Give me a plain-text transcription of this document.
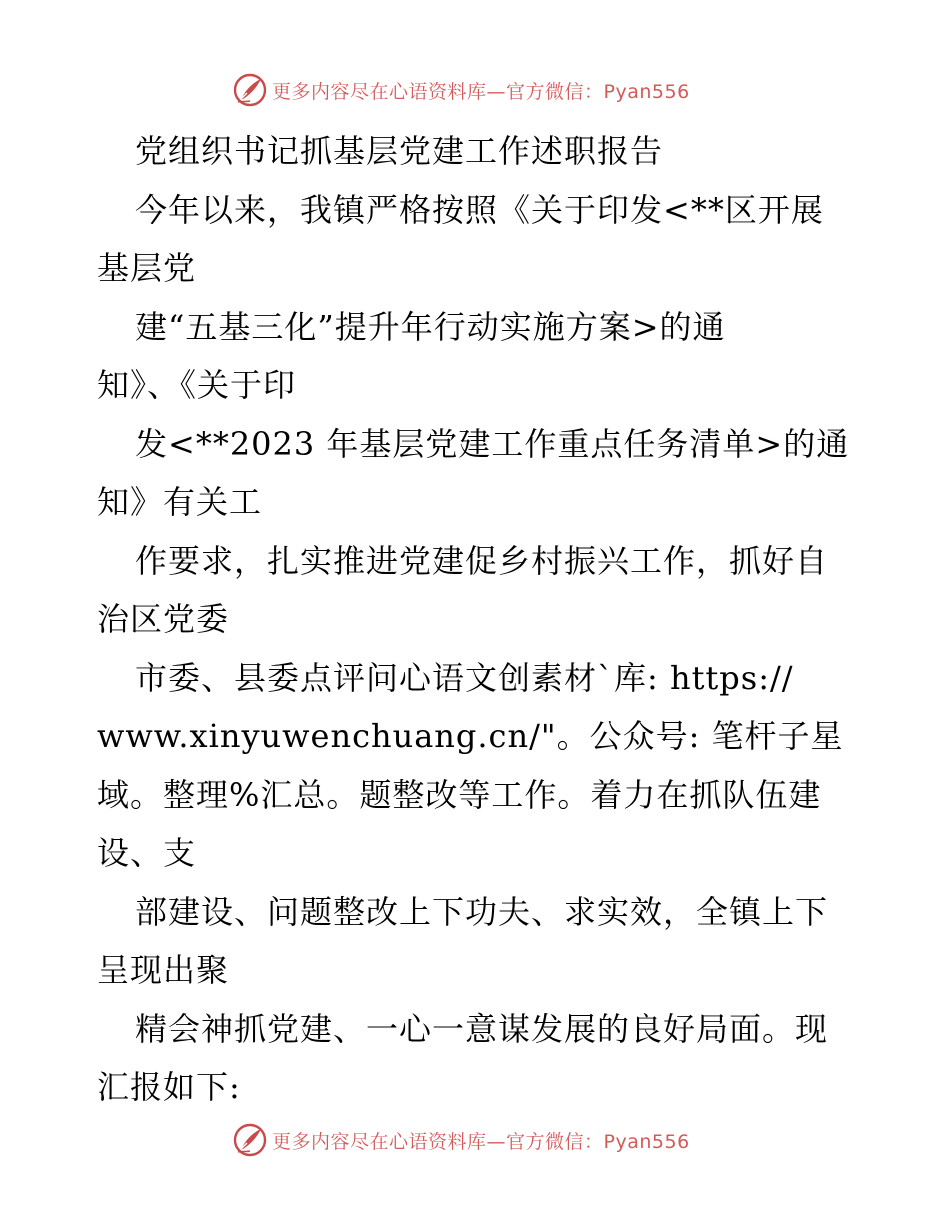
更多内容尽在心语资料库—官方微信：Pyan556
党组织书记抓基层党建工作述职报告
今年以来，我镇严格按照《关于印发<**区开展
基层党
建“五基三化”提升年行动实施方案>的通
知》、《关于印
发<**2023 年基层党建工作重点任务清单>的通
知》有关工
作要求，扎实推进党建促乡村振兴工作，抓好自
治区党委
市委、县委点评问心语文创素材`库: https://
www.xinyuwenchuang.cn/"。公众号: 笔杆子星
域。整理%汇总。题整改等工作。着力在抓队伍建
设、支
部建设、问题整改上下功夫、求实效，全镇上下
呈现出聚
精会神抓党建、一心一意谋发展的良好局面。现
汇报如下:
更多内容尽在心语资料库—官方微信：Pyan556
